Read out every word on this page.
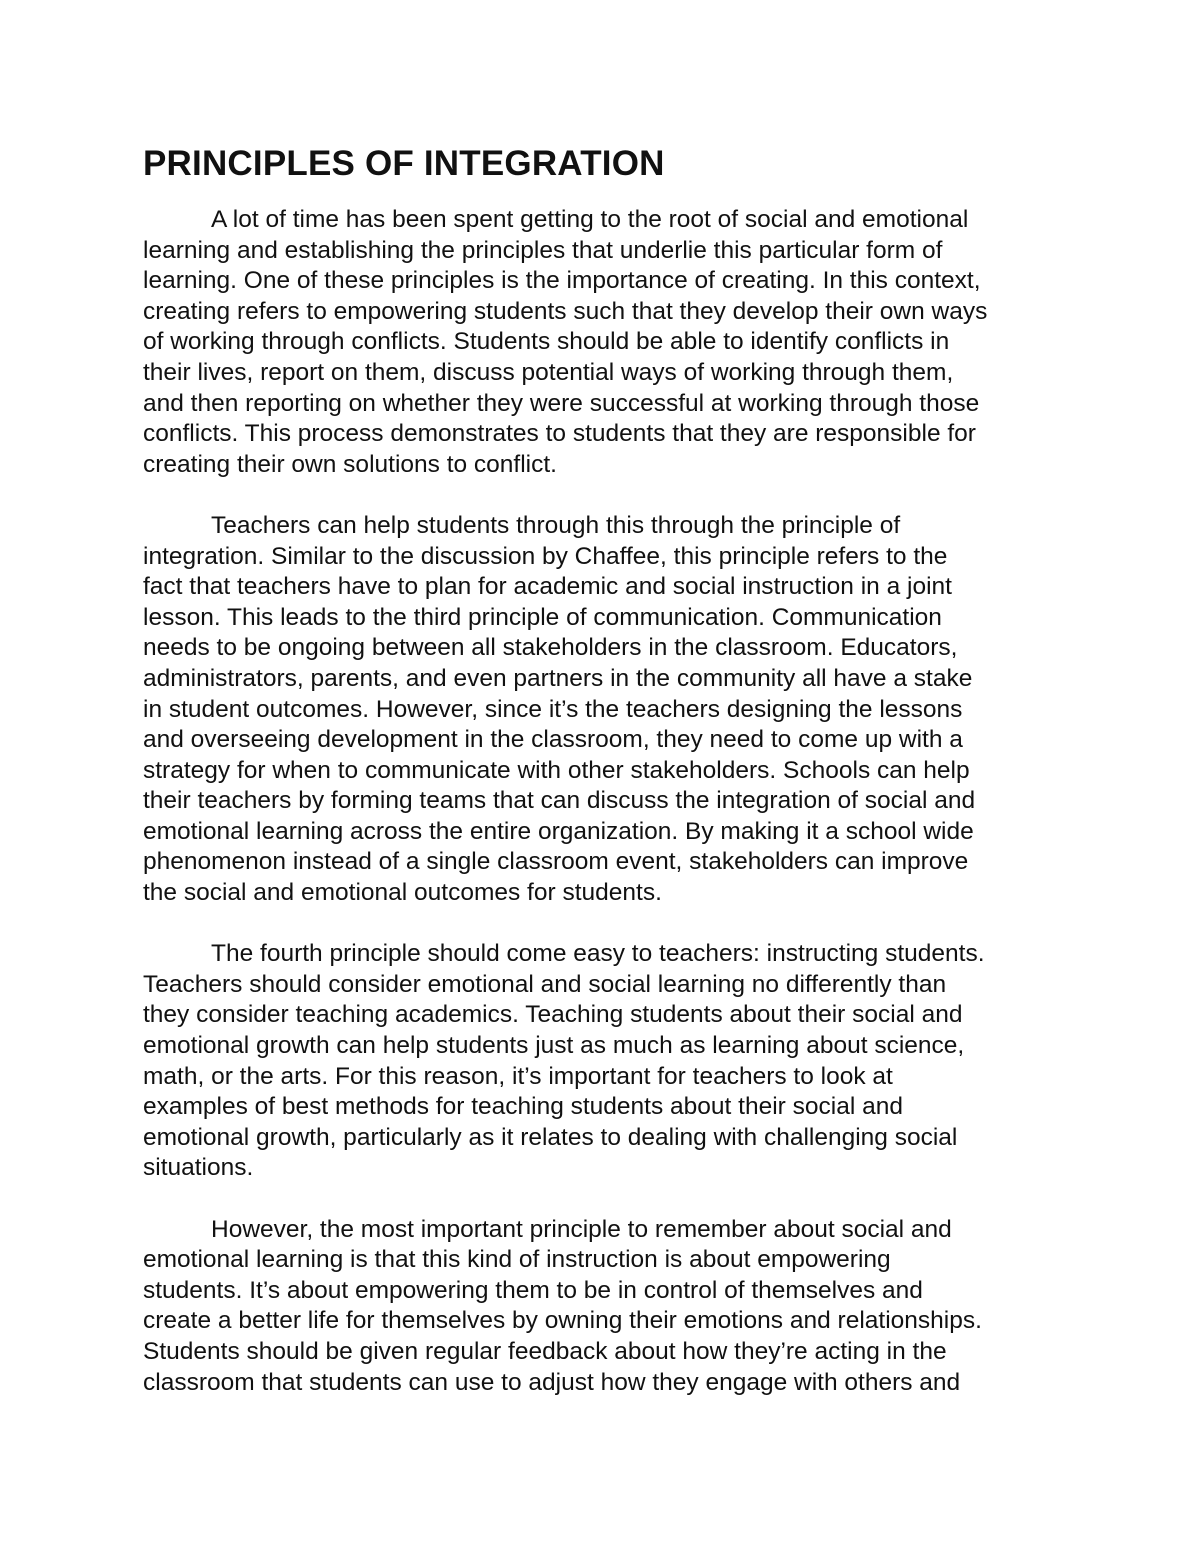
PRINCIPLES OF INTEGRATION
A lot of time has been spent getting to the root of social and emotional
learning and establishing the principles that underlie this particular form of
learning. One of these principles is the importance of creating. In this context,
creating refers to empowering students such that they develop their own ways
of working through conflicts. Students should be able to identify conflicts in
their lives, report on them, discuss potential ways of working through them,
and then reporting on whether they were successful at working through those
conflicts. This process demonstrates to students that they are responsible for
creating their own solutions to conflict.
Teachers can help students through this through the principle of
integration. Similar to the discussion by Chaffee, this principle refers to the
fact that teachers have to plan for academic and social instruction in a joint
lesson. This leads to the third principle of communication. Communication
needs to be ongoing between all stakeholders in the classroom. Educators,
administrators, parents, and even partners in the community all have a stake
in student outcomes. However, since it’s the teachers designing the lessons
and overseeing development in the classroom, they need to come up with a
strategy for when to communicate with other stakeholders. Schools can help
their teachers by forming teams that can discuss the integration of social and
emotional learning across the entire organization. By making it a school wide
phenomenon instead of a single classroom event, stakeholders can improve
the social and emotional outcomes for students.
The fourth principle should come easy to teachers: instructing students.
Teachers should consider emotional and social learning no differently than
they consider teaching academics. Teaching students about their social and
emotional growth can help students just as much as learning about science,
math, or the arts. For this reason, it’s important for teachers to look at
examples of best methods for teaching students about their social and
emotional growth, particularly as it relates to dealing with challenging social
situations.
However, the most important principle to remember about social and
emotional learning is that this kind of instruction is about empowering
students. It’s about empowering them to be in control of themselves and
create a better life for themselves by owning their emotions and relationships.
Students should be given regular feedback about how they’re acting in the
classroom that students can use to adjust how they engage with others and
